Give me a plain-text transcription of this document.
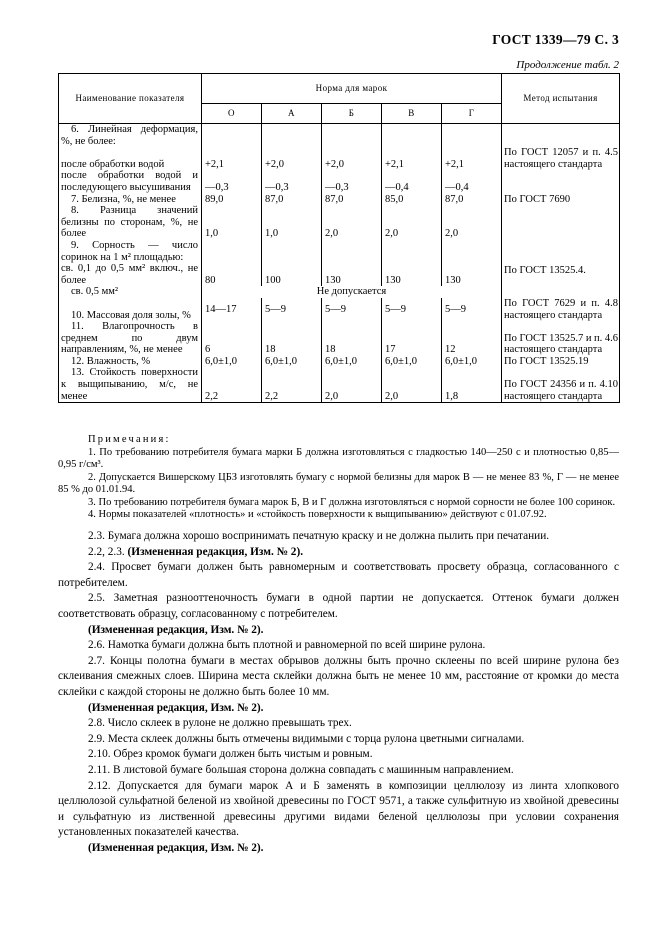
ГОСТ 1339—79 С. 3
Продолжение табл. 2
Наименование показателя	Норма для марок					Метод испытания
	О	А	Б	В	Г	
6. Линейная деформация, %, не более:						
после обработки водой	+2,1	+2,0	+2,0	+2,1	+2,1	По ГОСТ 12057 и п. 4.5 настоящего стандарта
после обработки водой и последующего высушивания	—0,3	—0,3	—0,3	—0,4	—0,4	
7. Белизна, %, не менее	89,0	87,0	87,0	85,0	87,0	По ГОСТ 7690
8. Разница значений белизны по сторонам, %, не более	1,0	1,0	2,0	2,0	2,0	
9. Сорность — число соринок на 1 м² площадью:						
св. 0,1 до 0,5 мм² включ., не более	80	100	130	130	130	По ГОСТ 13525.4.
св. 0,5 мм²	Не допускается					
10. Массовая доля золы, %	14—17	5—9	5—9	5—9	5—9	По ГОСТ 7629 и п. 4.8 настоящего стандарта
11. Влагопрочность в среднем по двум направлениям, %, не менее	6	18	18	17	12	По ГОСТ 13525.7 и п. 4.6 настоящего стандарта
12. Влажность, %	6,0±1,0	6,0±1,0	6,0±1,0	6,0±1,0	6,0±1,0	По ГОСТ 13525.19
13. Стойкость поверхности к выщипыванию, м/с, не менее	2,2	2,2	2,0	2,0	1,8	По ГОСТ 24356 и п. 4.10 настоящего стандарта
Примечания:

1. По требованию потребителя бумага марки Б должна изготовляться с гладкостью 140—250 с и плотностью 0,85—0,95 г/см³.

2. Допускается Вишерскому ЦБЗ изготовлять бумагу с нормой белизны для марок В — не менее 83 %, Г — не менее 85 % до 01.01.94.

3. По требованию потребителя бумага марок Б, В и Г должна изготовляться с нормой сорности не более 100 соринок.

4. Нормы показателей «плотность» и «стойкость поверхности к выщипыванию» действуют с 01.07.92.

2.3. Бумага должна хорошо воспринимать печатную краску и не должна пылить при печатании.

2.2, 2.3. (Измененная редакция, Изм. № 2).

2.4. Просвет бумаги должен быть равномерным и соответствовать просвету образца, согласованного с потребителем.

2.5. Заметная разнооттеночность бумаги в одной партии не допускается. Оттенок бумаги должен соответствовать образцу, согласованному с потребителем.

(Измененная редакция, Изм. № 2).

2.6. Намотка бумаги должна быть плотной и равномерной по всей ширине рулона.

2.7. Концы полотна бумаги в местах обрывов должны быть прочно склеены по всей ширине рулона без склеивания смежных слоев. Ширина места склейки должна быть не менее 10 мм, расстояние от кромки до места склейки с каждой стороны не должно быть более 10 мм.

(Измененная редакция, Изм. № 2).

2.8. Число склеек в рулоне не должно превышать трех.

2.9. Места склеек должны быть отмечены видимыми с торца рулона цветными сигналами.

2.10. Обрез кромок бумаги должен быть чистым и ровным.

2.11. В листовой бумаге большая сторона должна совпадать с машинным направлением.

2.12. Допускается для бумаги марок А и Б заменять в композиции целлюлозу из линта хлопкового целлюлозой сульфатной беленой из хвойной древесины по ГОСТ 9571, а также сульфитную из хвойной древесины и сульфатную из лиственной древесины другими видами беленой целлюлозы при условии сохранения установленных показателей качества.

(Измененная редакция, Изм. № 2).
